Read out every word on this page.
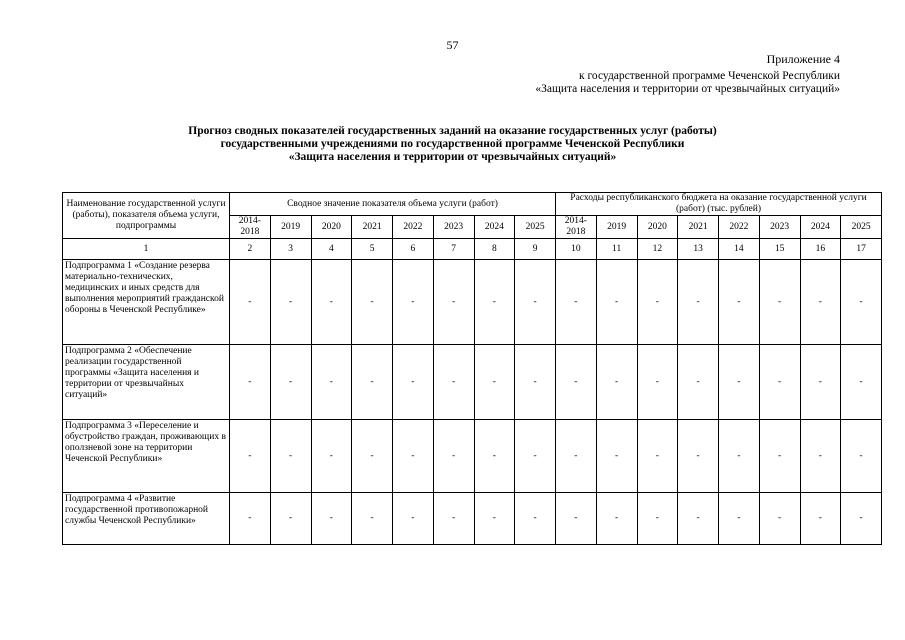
57
Приложение 4
к государственной программе Чеченской Республики
«Защита населения и территории от чрезвычайных ситуаций»
Прогноз сводных показателей государственных заданий на оказание государственных услуг (работы)
государственными учреждениями по государственной программе Чеченской Республики
«Защита населения и территории от чрезвычайных ситуаций»
Наименование государственной услуги (работы), показателя объема услуги, подпрограммы	Сводное значение показателя объема услуги (работ)								Расходы республиканского бюджета на оказание государственной услуги (работ) (тыс. рублей)							
	2014-2018	2019	2020	2021	2022	2023	2024	2025	2014-2018	2019	2020	2021	2022	2023	2024	2025
1	2	3	4	5	6	7	8	9	10	11	12	13	14	15	16	17
Подпрограмма 1 «Создание резерва материально-технических, медицинских и иных средств для выполнения мероприятий гражданской обороны в Чеченской Республике»	-	-	-	-	-	-	-	-	-	-	-	-	-	-	-	-
Подпрограмма 2 «Обеспечение реализации государственной программы «Защита населения и территории от чрезвычайных ситуаций»	-	-	-	-	-	-	-	-	-	-	-	-	-	-	-	-
Подпрограмма 3 «Переселение и обустройство граждан, проживающих в оползневой зоне на территории Чеченской Республики»	-	-	-	-	-	-	-	-	-	-	-	-	-	-	-	-
Подпрограмма 4 «Развитие государственной противопожарной службы Чеченской Республики»	-	-	-	-	-	-	-	-	-	-	-	-	-	-	-	-
